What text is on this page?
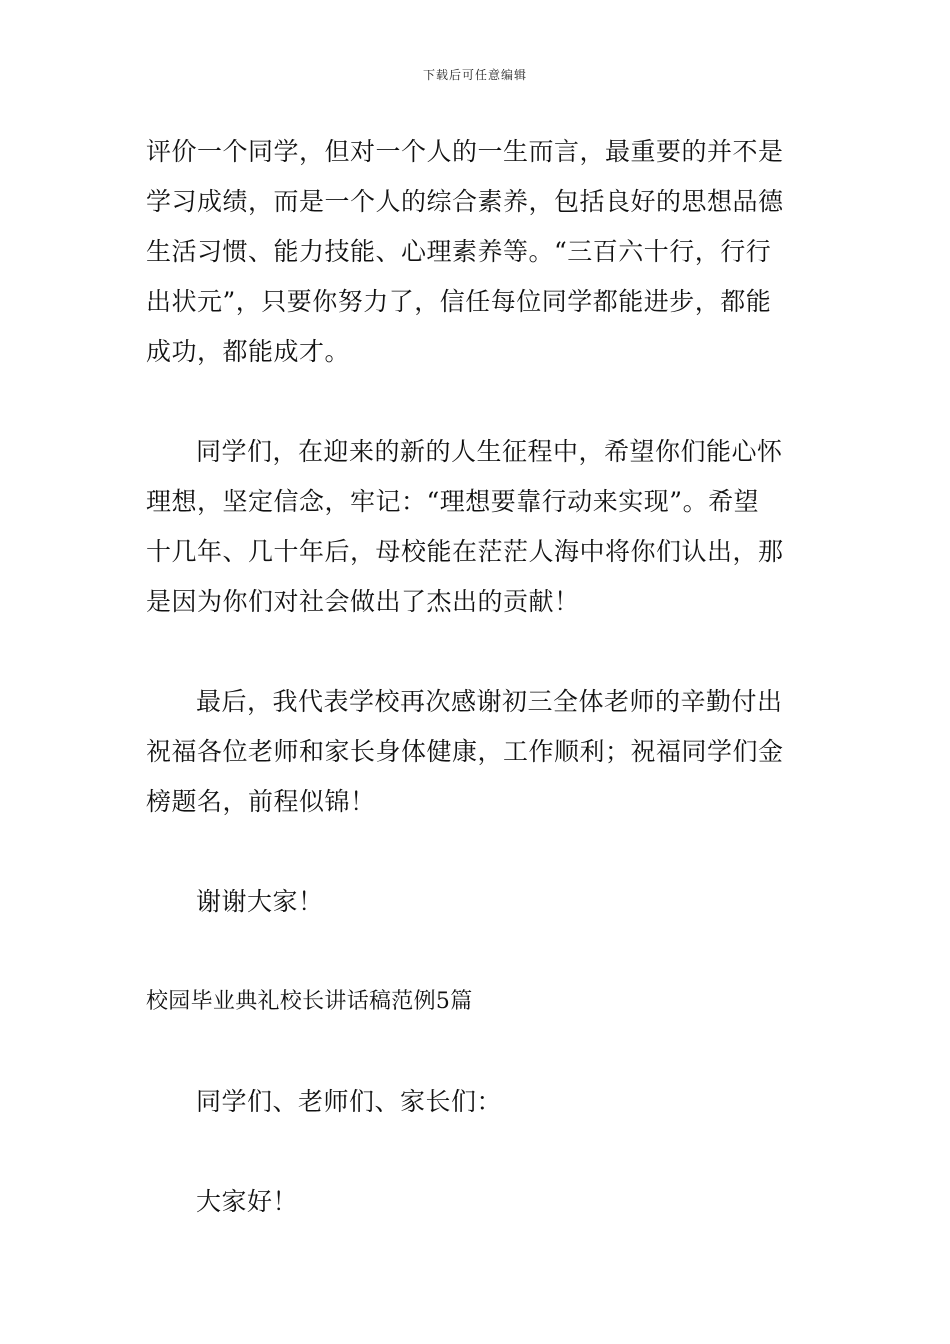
下载后可任意编辑

评价一个同学，但对一个人的一生而言，最重要的并不是
学习成绩，而是一个人的综合素养，包括良好的思想品德
生活习惯、能力技能、心理素养等。“三百六十行，行行
出状元”，只要你努力了，信任每位同学都能进步，都能
成功，都能成才。

同学们，在迎来的新的人生征程中，希望你们能心怀
理想，坚定信念，牢记：“理想要靠行动来实现”。希望
十几年、几十年后，母校能在茫茫人海中将你们认出，那
是因为你们对社会做出了杰出的贡献！

最后，我代表学校再次感谢初三全体老师的辛勤付出
祝福各位老师和家长身体健康，工作顺利；祝福同学们金
榜题名，前程似锦！

谢谢大家！

校园毕业典礼校长讲话稿范例5篇

同学们、老师们、家长们：

大家好！
